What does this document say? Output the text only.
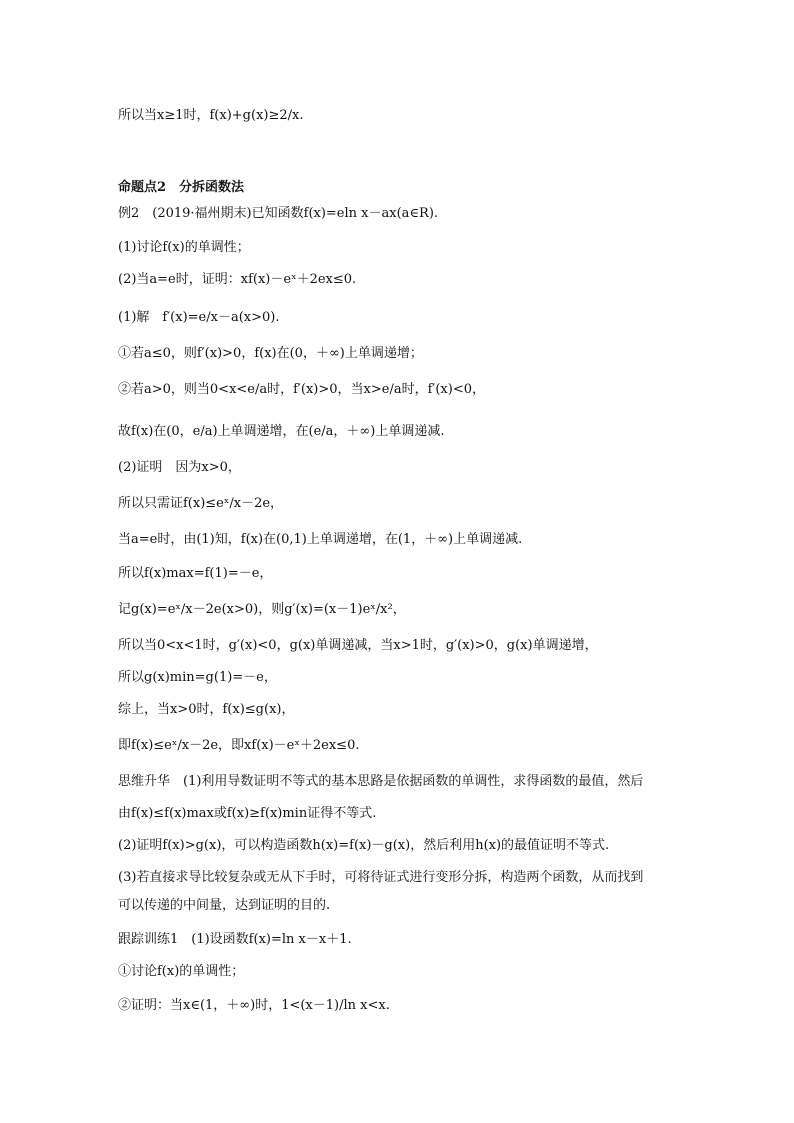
所以当x≥1时，f(x)+g(x)≥2/x.
命题点2　分拆函数法
例2　(2019·福州期末)已知函数f(x)=eln x－ax(a∈R).
(1)讨论f(x)的单调性；
(2)当a=e时，证明：xf(x)－eˣ＋2ex≤0.
(1)解　f′(x)=e/x－a(x>0).
①若a≤0，则f′(x)>0，f(x)在(0，＋∞)上单调递增；
②若a>0，则当0<x<e/a时，f′(x)>0，当x>e/a时，f′(x)<0，
故f(x)在(0，e/a)上单调递增，在(e/a，＋∞)上单调递减.
(2)证明　因为x>0，
所以只需证f(x)≤eˣ/x－2e，
当a=e时，由(1)知，f(x)在(0,1)上单调递增，在(1，＋∞)上单调递减.
所以f(x)max=f(1)=－e，
记g(x)=eˣ/x－2e(x>0)，则g′(x)=(x－1)eˣ/x²，
所以当0<x<1时，g′(x)<0，g(x)单调递减，当x>1时，g′(x)>0，g(x)单调递增，
所以g(x)min=g(1)=－e，
综上，当x>0时，f(x)≤g(x)，
即f(x)≤eˣ/x－2e，即xf(x)－eˣ＋2ex≤0.
思维升华　(1)利用导数证明不等式的基本思路是依据函数的单调性，求得函数的最值，然后
由f(x)≤f(x)max或f(x)≥f(x)min证得不等式.
(2)证明f(x)>g(x)，可以构造函数h(x)=f(x)－g(x)，然后利用h(x)的最值证明不等式.
(3)若直接求导比较复杂或无从下手时，可将待证式进行变形分拆，构造两个函数，从而找到
可以传递的中间量，达到证明的目的.
跟踪训练1　(1)设函数f(x)=ln x－x＋1.
①讨论f(x)的单调性；
②证明：当x∈(1，＋∞)时，1<(x－1)/ln x<x.
